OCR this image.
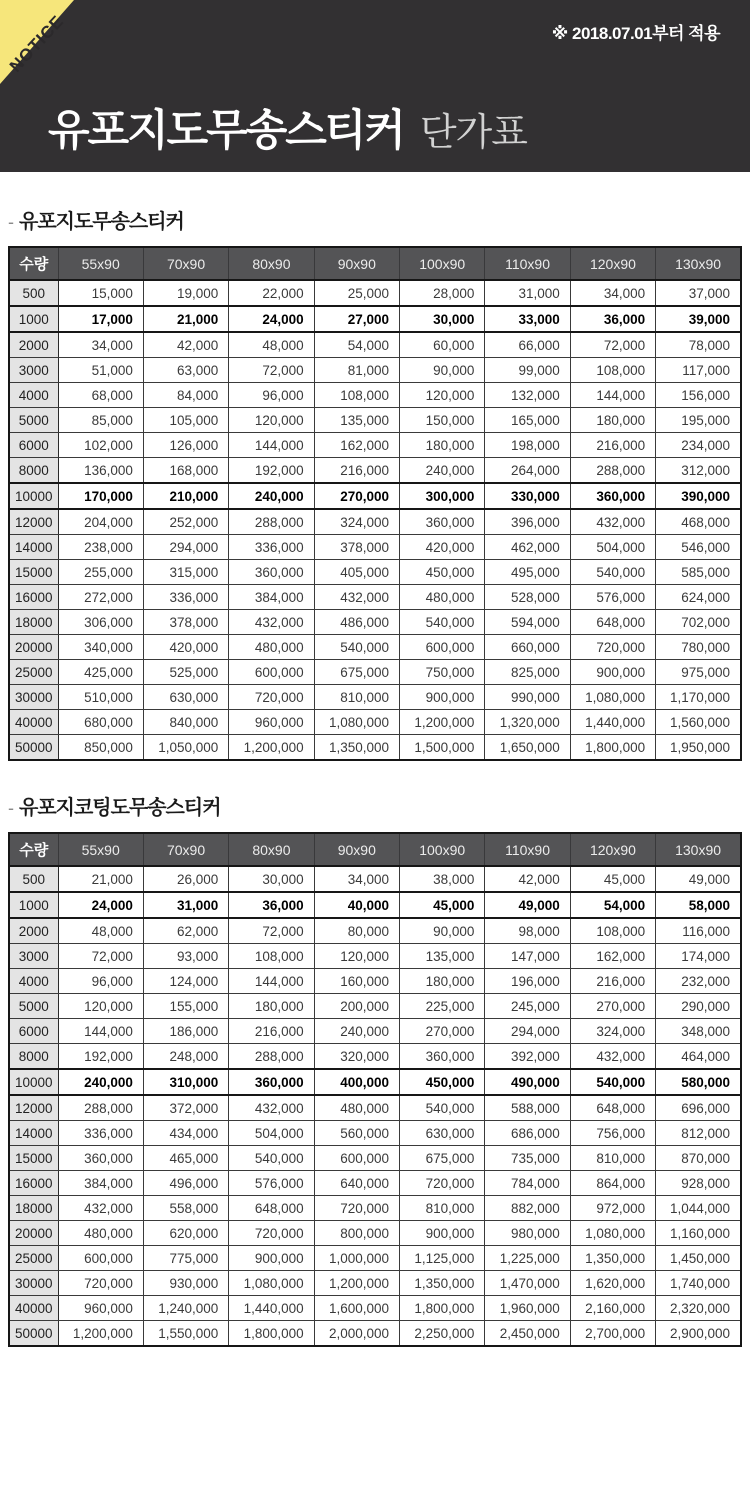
NOTICE	※ 2018.07.01부터 적용
유포지도무송스티커 단가표
- 유포지도무송스티커
수량	55x90	70x90	80x90	90x90	100x90	110x90	120x90	130x90
500	15,000	19,000	22,000	25,000	28,000	31,000	34,000	37,000
1000	17,000	21,000	24,000	27,000	30,000	33,000	36,000	39,000
2000	34,000	42,000	48,000	54,000	60,000	66,000	72,000	78,000
3000	51,000	63,000	72,000	81,000	90,000	99,000	108,000	117,000
4000	68,000	84,000	96,000	108,000	120,000	132,000	144,000	156,000
5000	85,000	105,000	120,000	135,000	150,000	165,000	180,000	195,000
6000	102,000	126,000	144,000	162,000	180,000	198,000	216,000	234,000
8000	136,000	168,000	192,000	216,000	240,000	264,000	288,000	312,000
10000	170,000	210,000	240,000	270,000	300,000	330,000	360,000	390,000
12000	204,000	252,000	288,000	324,000	360,000	396,000	432,000	468,000
14000	238,000	294,000	336,000	378,000	420,000	462,000	504,000	546,000
15000	255,000	315,000	360,000	405,000	450,000	495,000	540,000	585,000
16000	272,000	336,000	384,000	432,000	480,000	528,000	576,000	624,000
18000	306,000	378,000	432,000	486,000	540,000	594,000	648,000	702,000
20000	340,000	420,000	480,000	540,000	600,000	660,000	720,000	780,000
25000	425,000	525,000	600,000	675,000	750,000	825,000	900,000	975,000
30000	510,000	630,000	720,000	810,000	900,000	990,000	1,080,000	1,170,000
40000	680,000	840,000	960,000	1,080,000	1,200,000	1,320,000	1,440,000	1,560,000
50000	850,000	1,050,000	1,200,000	1,350,000	1,500,000	1,650,000	1,800,000	1,950,000
- 유포지코팅도무송스티커
수량	55x90	70x90	80x90	90x90	100x90	110x90	120x90	130x90
500	21,000	26,000	30,000	34,000	38,000	42,000	45,000	49,000
1000	24,000	31,000	36,000	40,000	45,000	49,000	54,000	58,000
2000	48,000	62,000	72,000	80,000	90,000	98,000	108,000	116,000
3000	72,000	93,000	108,000	120,000	135,000	147,000	162,000	174,000
4000	96,000	124,000	144,000	160,000	180,000	196,000	216,000	232,000
5000	120,000	155,000	180,000	200,000	225,000	245,000	270,000	290,000
6000	144,000	186,000	216,000	240,000	270,000	294,000	324,000	348,000
8000	192,000	248,000	288,000	320,000	360,000	392,000	432,000	464,000
10000	240,000	310,000	360,000	400,000	450,000	490,000	540,000	580,000
12000	288,000	372,000	432,000	480,000	540,000	588,000	648,000	696,000
14000	336,000	434,000	504,000	560,000	630,000	686,000	756,000	812,000
15000	360,000	465,000	540,000	600,000	675,000	735,000	810,000	870,000
16000	384,000	496,000	576,000	640,000	720,000	784,000	864,000	928,000
18000	432,000	558,000	648,000	720,000	810,000	882,000	972,000	1,044,000
20000	480,000	620,000	720,000	800,000	900,000	980,000	1,080,000	1,160,000
25000	600,000	775,000	900,000	1,000,000	1,125,000	1,225,000	1,350,000	1,450,000
30000	720,000	930,000	1,080,000	1,200,000	1,350,000	1,470,000	1,620,000	1,740,000
40000	960,000	1,240,000	1,440,000	1,600,000	1,800,000	1,960,000	2,160,000	2,320,000
50000	1,200,000	1,550,000	1,800,000	2,000,000	2,250,000	2,450,000	2,700,000	2,900,000
